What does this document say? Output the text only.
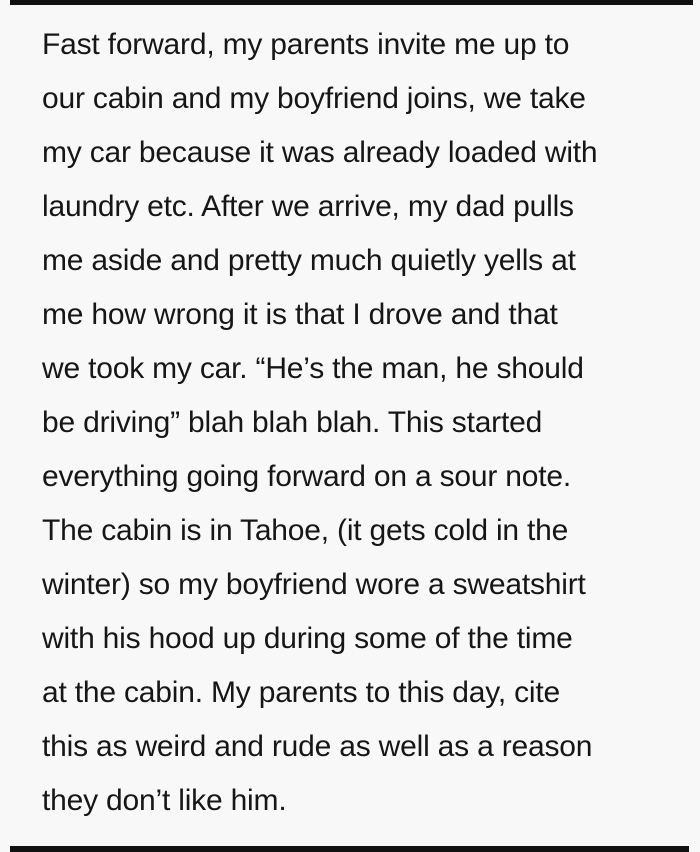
Fast forward, my parents invite me up to
our cabin and my boyfriend joins, we take
my car because it was already loaded with
laundry etc. After we arrive, my dad pulls
me aside and pretty much quietly yells at
me how wrong it is that I drove and that
we took my car. “He’s the man, he should
be driving” blah blah blah. This started
everything going forward on a sour note.
The cabin is in Tahoe, (it gets cold in the
winter) so my boyfriend wore a sweatshirt
with his hood up during some of the time
at the cabin. My parents to this day, cite
this as weird and rude as well as a reason
they don’t like him.
